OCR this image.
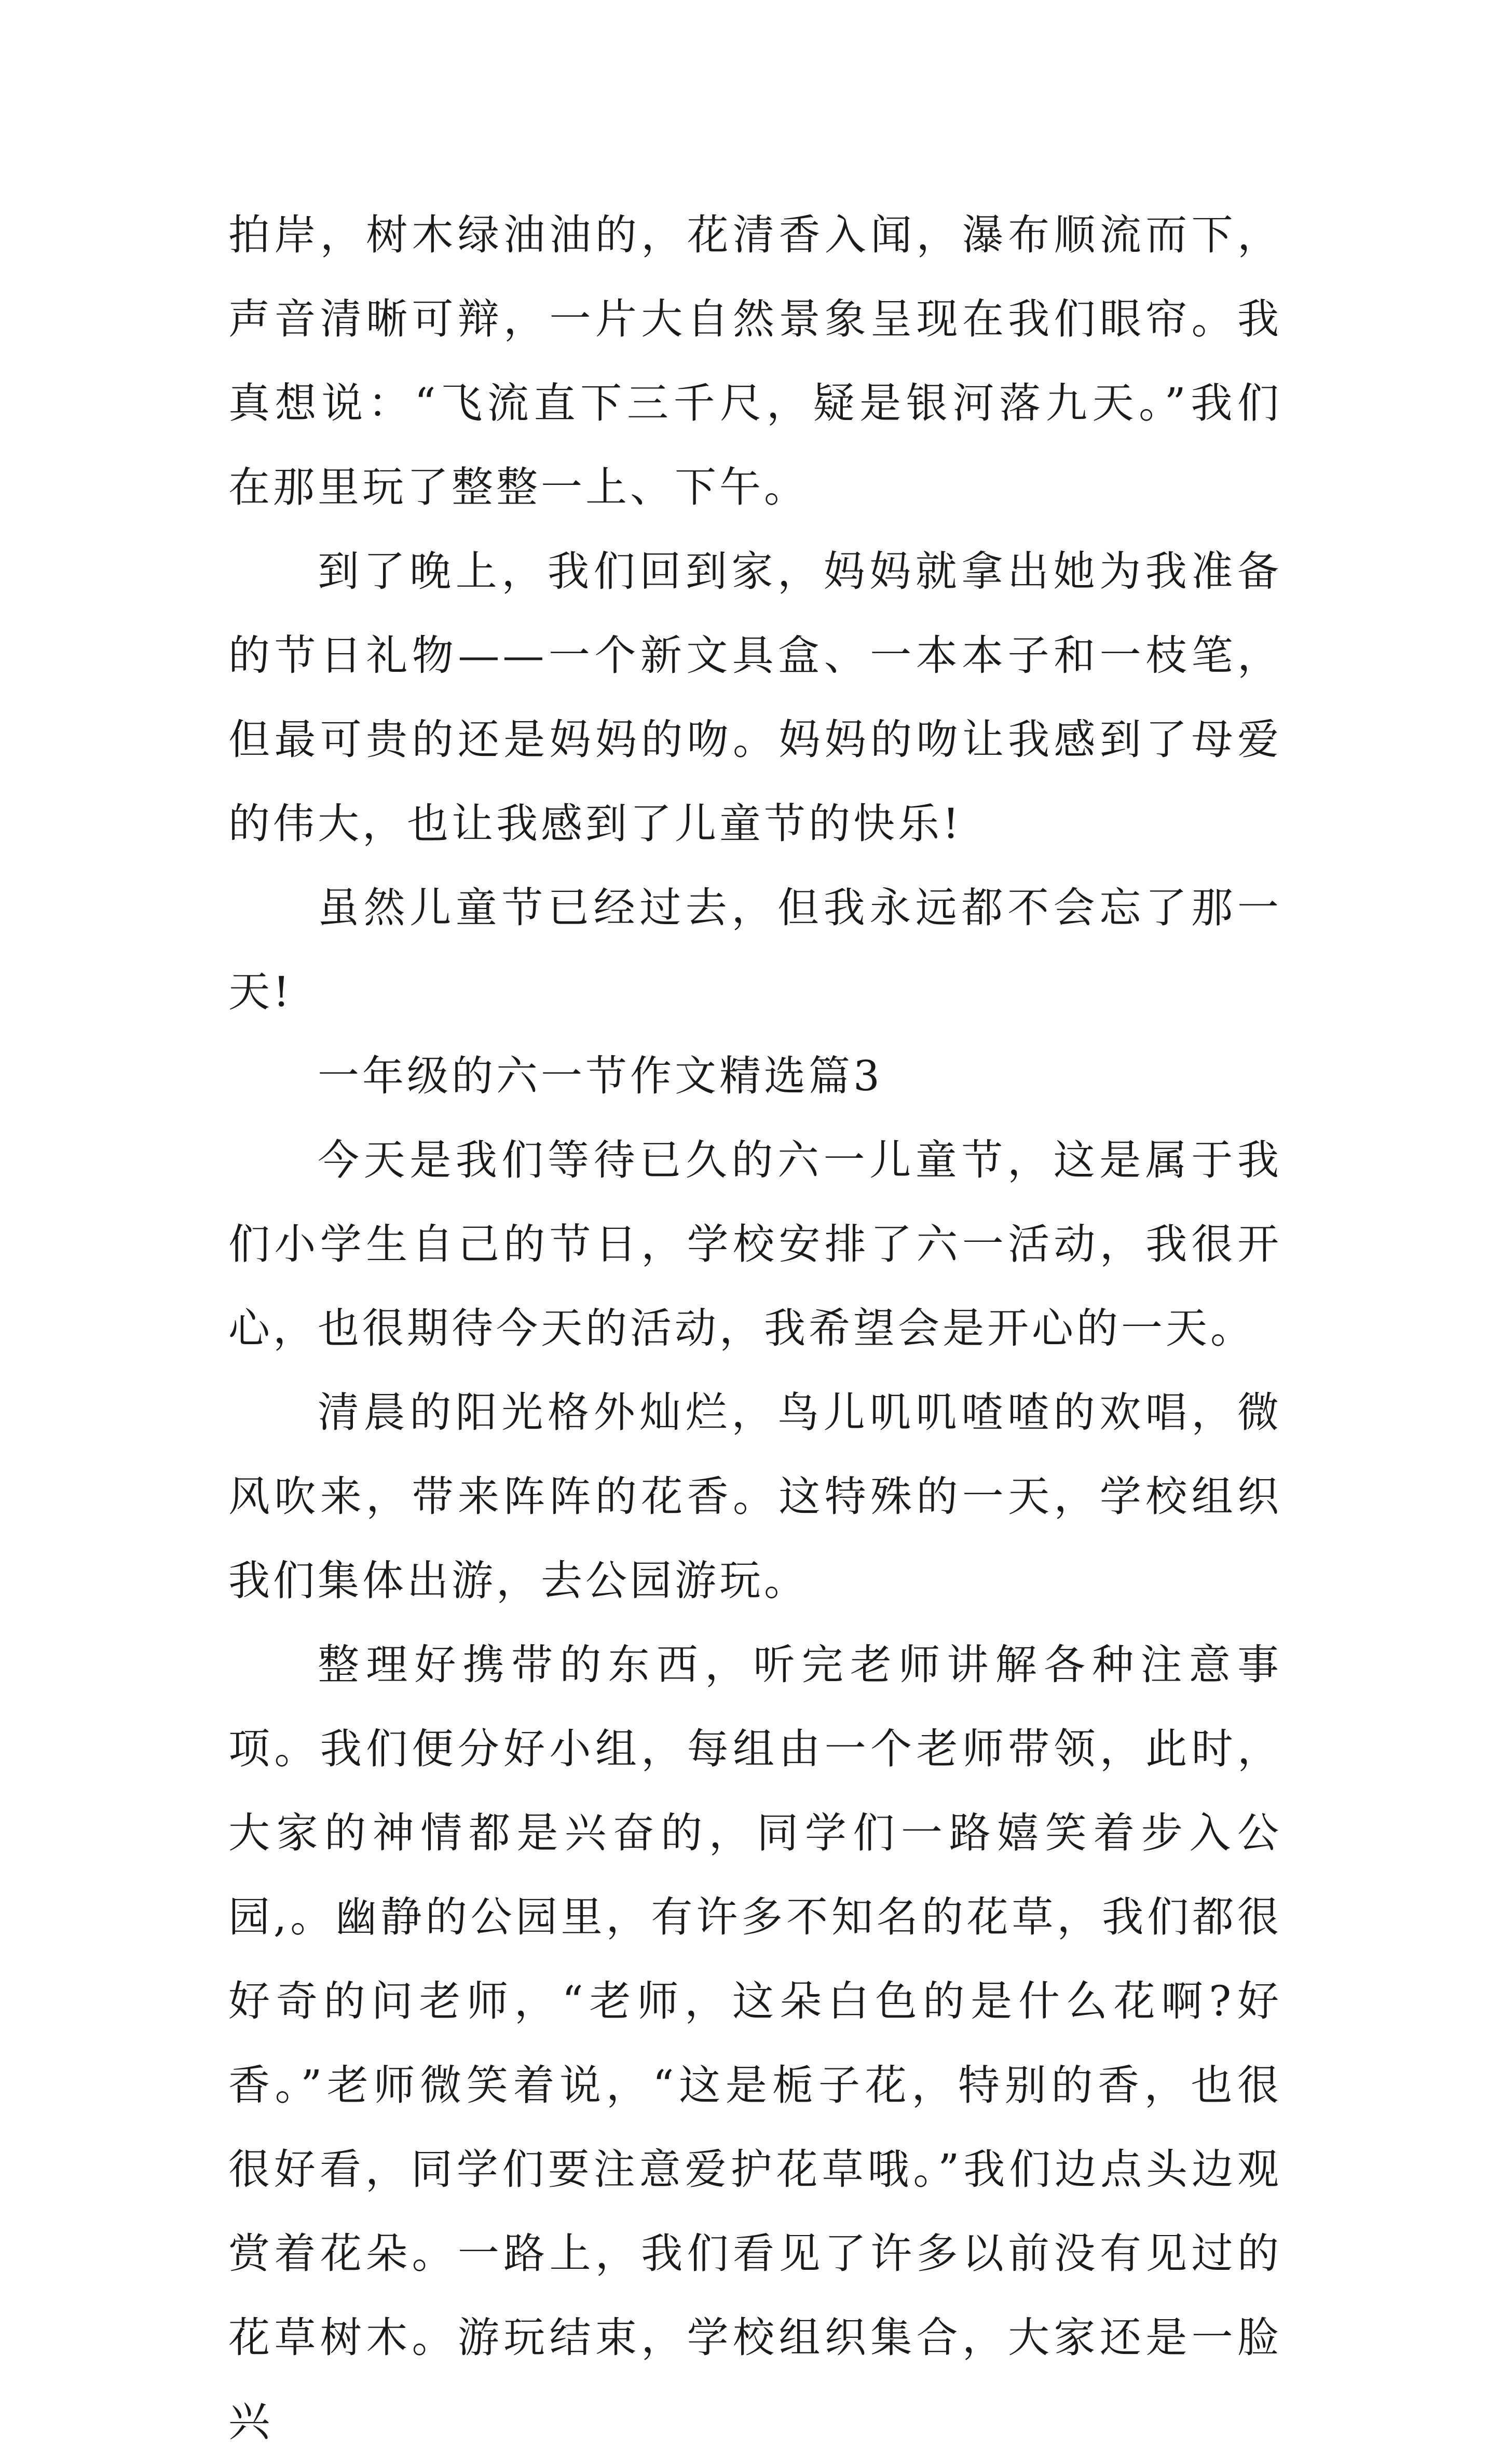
拍岸，树木绿油油的，花清香入闻，瀑布顺流而下，声音清晰可辩，一片大自然景象呈现在我们眼帘。我真想说：“飞流直下三千尺，疑是银河落九天。”我们在那里玩了整整一上、下午。

到了晚上，我们回到家，妈妈就拿出她为我准备的节日礼物——一个新文具盒、一本本子和一枝笔，但最可贵的还是妈妈的吻。妈妈的吻让我感到了母爱的伟大，也让我感到了儿童节的快乐!

虽然儿童节已经过去，但我永远都不会忘了那一天!

一年级的六一节作文精选篇3

今天是我们等待已久的六一儿童节，这是属于我们小学生自己的节日，学校安排了六一活动，我很开心，也很期待今天的活动，我希望会是开心的一天。

清晨的阳光格外灿烂，鸟儿叽叽喳喳的欢唱，微风吹来，带来阵阵的花香。这特殊的一天，学校组织我们集体出游，去公园游玩。

整理好携带的东西，听完老师讲解各种注意事项。我们便分好小组，每组由一个老师带领，此时，大家的神情都是兴奋的，同学们一路嬉笑着步入公园,。幽静的公园里，有许多不知名的花草，我们都很好奇的问老师，“老师，这朵白色的是什么花啊?好香。”老师微笑着说，“这是栀子花，特别的香，也很很好看，同学们要注意爱护花草哦。”我们边点头边观赏着花朵。一路上，我们看见了许多以前没有见过的花草树木。游玩结束，学校组织集合，大家还是一脸兴
